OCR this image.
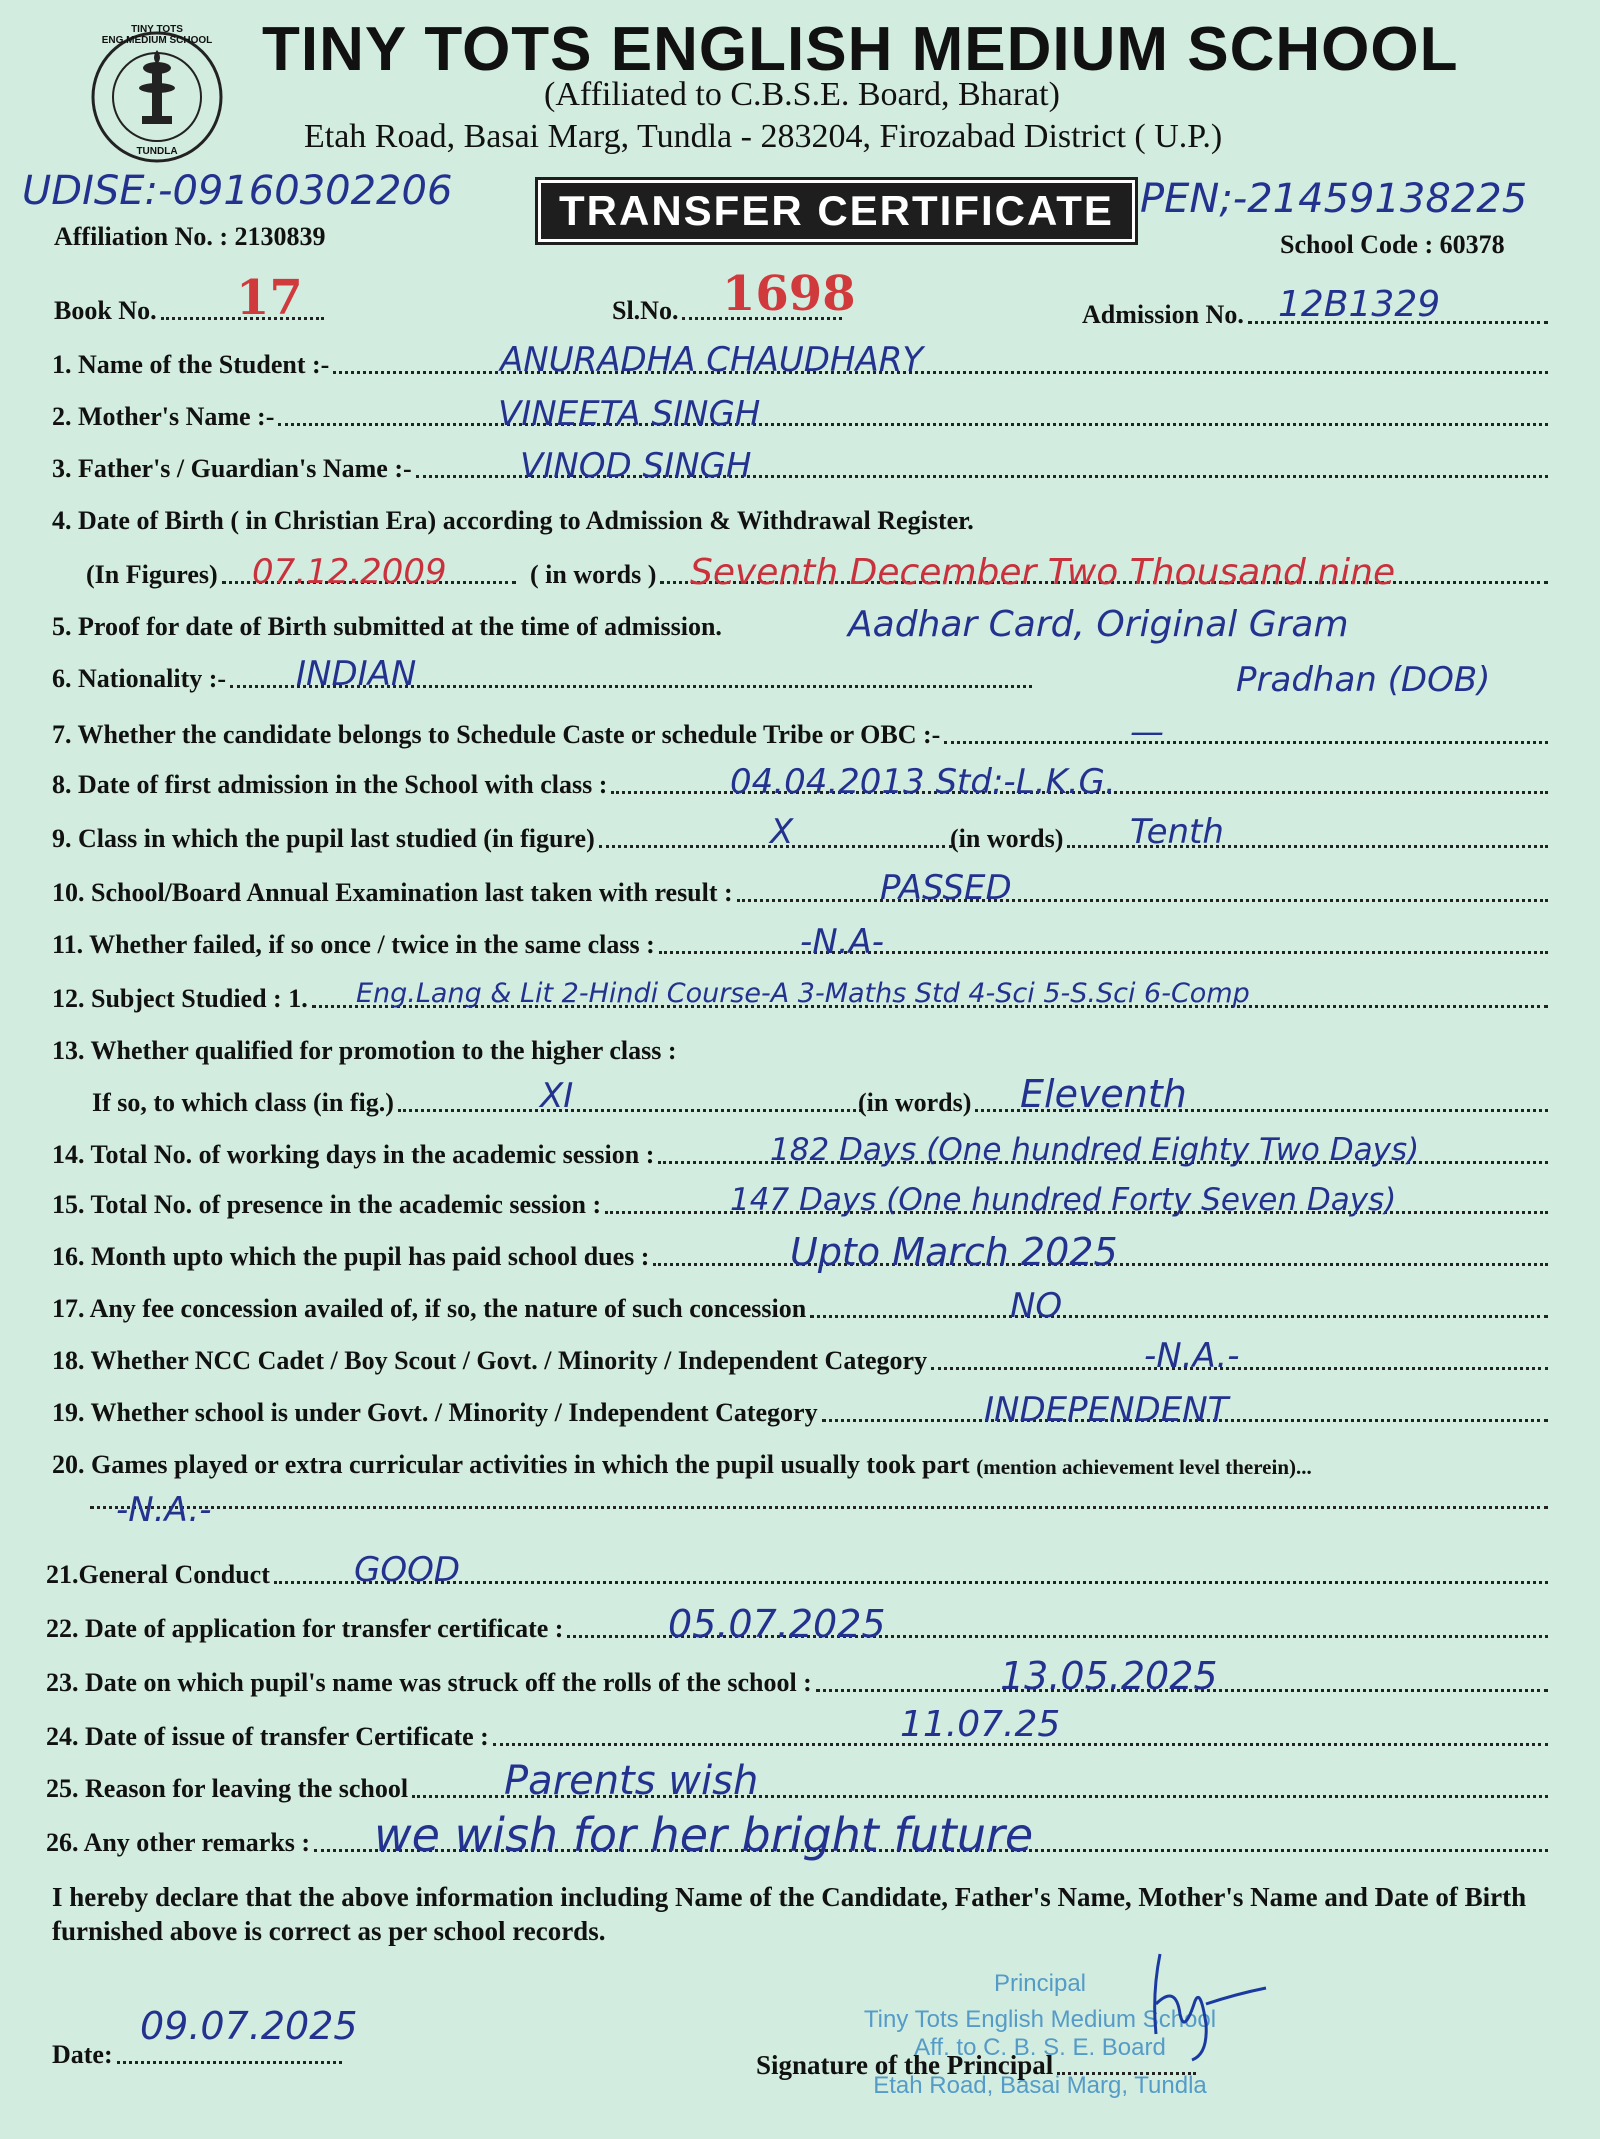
TINY TOTS ENG.MEDIUM SCHOOL
TUNDLA
TINY TOTS ENGLISH MEDIUM SCHOOL
(Affiliated to C.B.S.E. Board, Bharat)
Etah Road, Basai Marg, Tundla - 283204, Firozabad District ( U.P.)
UDISE:-09160302206	TRANSFER CERTIFICATE PEN;-21459138225
Affiliation No. : 2130839	School Code : 60378
Book No. 17	Sl.No. 1698	Admission No. 12B1329
1. Name of the Student :-	ANURADHA CHAUDHARY
2. Mother's Name :-	VINEETA SINGH
3. Father's / Guardian's Name :-	VINOD SINGH
4. Date of Birth ( in Christian Era) according to Admission & Withdrawal Register.
(In Figures) 07.12.2009	( in words ) Seventh December Two Thousand nine
5. Proof for date of Birth submitted at the time of admission.	Aadhar Card, Original Gram
Pradhan (DOB)
6. Nationality :- INDIAN
7. Whether the candidate belongs to Schedule Caste or schedule Tribe or OBC :-	—
8. Date of first admission in the School with class :	04.04.2013 Std:-L.K.G.
9. Class in which the pupil last studied (in figure)	X	(in words) Tenth
10. School/Board Annual Examination last taken with result :	PASSED
11. Whether failed, if so once / twice in the same class :	-N.A-
12. Subject Studied : 1. Eng.Lang & Lit 2-Hindi Course-A 3-Maths Std 4-Sci 5-S.Sci 6-Comp
13. Whether qualified for promotion to the higher class :
If so, to which class (in fig.)	XI	(in words) Eleventh
14. Total No. of working days in the academic session :	182 Days (One hundred Eighty Two Days)
15. Total No. of presence in the academic session :	147 Days (One hundred Forty Seven Days)
16. Month upto which the pupil has paid school dues :	Upto March 2025
17. Any fee concession availed of, if so, the nature of such concession	NO
18. Whether NCC Cadet / Boy Scout / Govt. / Minority / Independent Category	-N.A.-
19. Whether school is under Govt. / Minority / Independent Category	INDEPENDENT
20. Games played or extra curricular activities in which the pupil usually took part
(mention achievement level therein)...
-N.A.-
21.General Conduct GOOD
22. Date of application for transfer certificate :	05.07.2025
23. Date on which pupil's name was struck off the rolls of the school :	13.05.2025
24. Date of issue of transfer Certificate :	11.07.25
25. Reason for leaving the school Parents wish
26. Any other remarks : we wish for her bright future
I hereby declare that the above information including Name of the Candidate, Father's Name, Mother's Name and Date of Birth furnished above is correct as per school records.
Date:
09.07.2025
Principal
Tiny Tots English Medium School
Aff. to C. B. S. E. Board
Etah Road, Basai Marg, Tundla
Signature of the Principal
